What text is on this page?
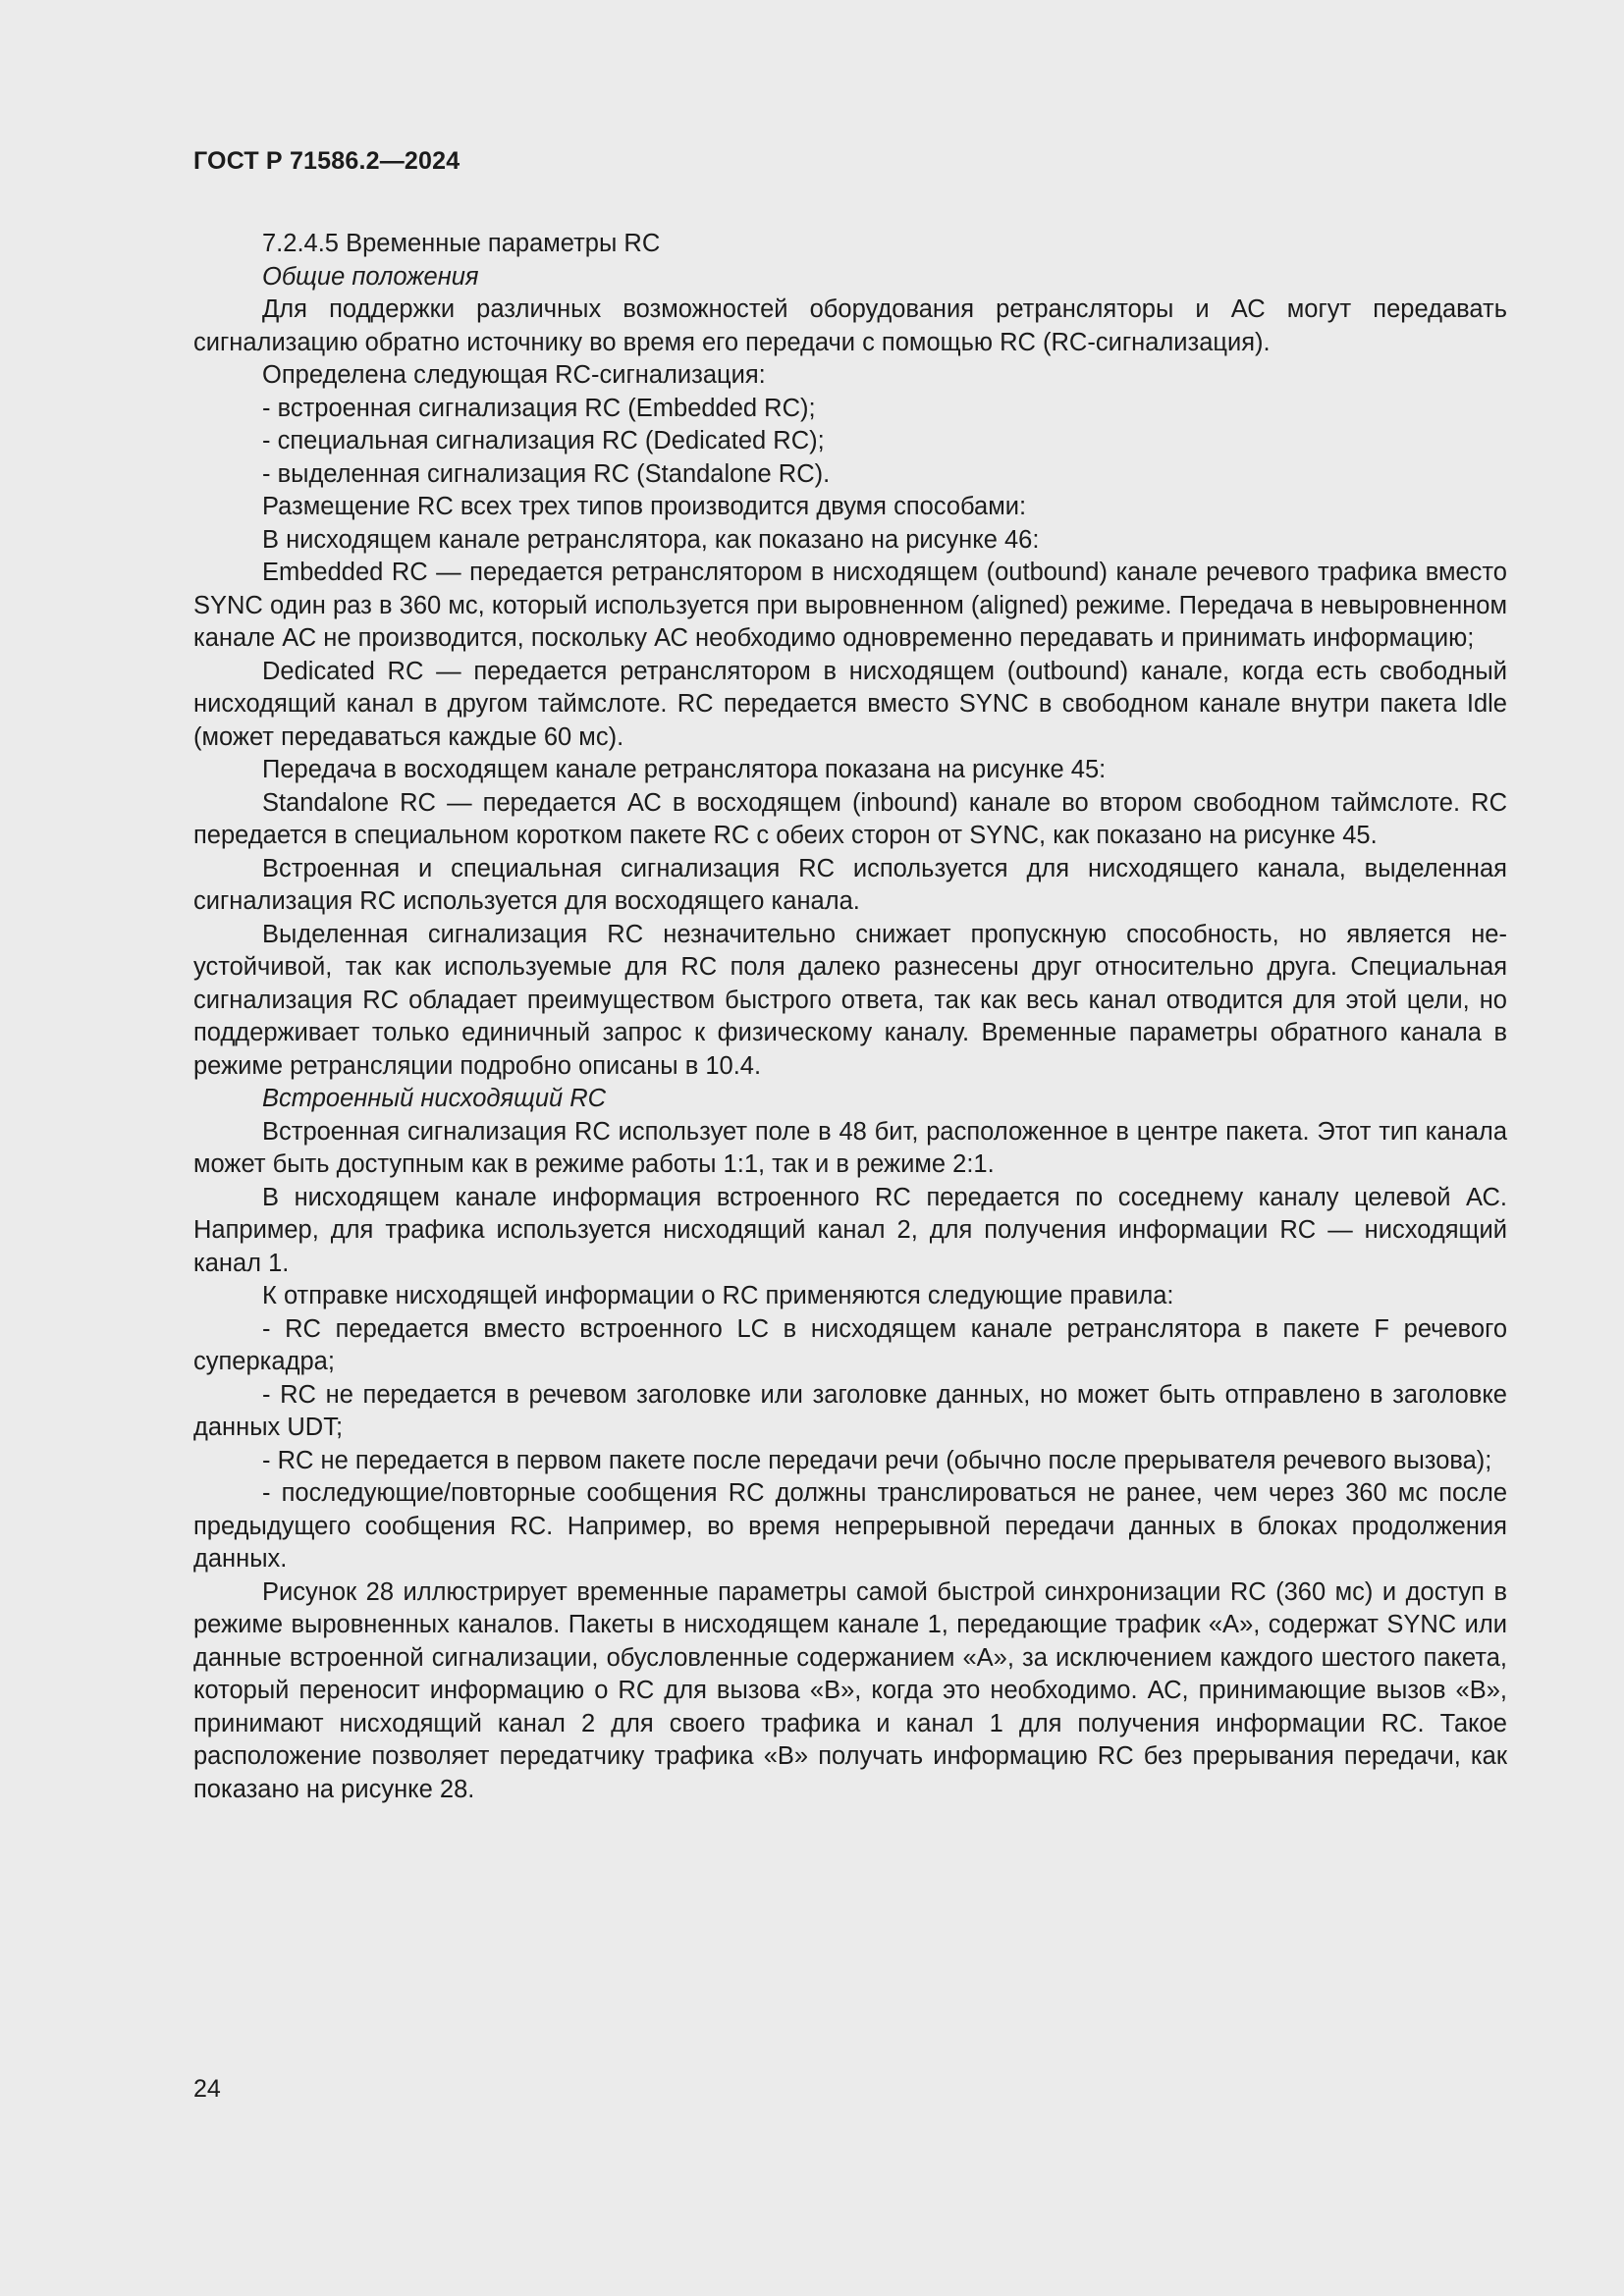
ГОСТ Р 71586.2—2024

7.2.4.5 Временные параметры RC

Общие положения

Для поддержки различных возможностей оборудования ретрансляторы и АС могут передавать сигнализацию обратно источнику во время его передачи с помощью RC (RC-сигнализация).

Определена следующая RC-сигнализация:

- встроенная сигнализация RC (Embedded RC);

- специальная сигнализация RC (Dedicated RC);

- выделенная сигнализация RC (Standalone RC).

Размещение RC всех трех типов производится двумя способами:

В нисходящем канале ретранслятора, как показано на рисунке 46:

Embedded RC — передается ретранслятором в нисходящем (outbound) канале речевого трафика вместо SYNC один раз в 360 мс, который используется при выровненном (aligned) режиме. Передача в невыровненном канале АС не производится, поскольку АС необходимо одновременно передавать и принимать информацию;

Dedicated RC — передается ретранслятором в нисходящем (outbound) канале, когда есть свободный нисходящий канал в другом таймслоте. RC передается вместо SYNC в свободном канале внутри пакета Idle (может передаваться каждые 60 мс).

Передача в восходящем канале ретранслятора показана на рисунке 45:

Standalone RC — передается АС в восходящем (inbound) канале во втором свободном таймслоте. RC передается в специальном коротком пакете RC с обеих сторон от SYNC, как показано на рисунке 45.

Встроенная и специальная сигнализация RC используется для нисходящего канала, выделенная сигнализация RC используется для восходящего канала.

Выделенная сигнализация RC незначительно снижает пропускную способность, но является неустойчивой, так как используемые для RC поля далеко разнесены друг относительно друга. Специальная сигнализация RC обладает преимуществом быстрого ответа, так как весь канал отводится для этой цели, но поддерживает только единичный запрос к физическому каналу. Временные параметры обратного канала в режиме ретрансляции подробно описаны в 10.4.

Встроенный нисходящий RC

Встроенная сигнализация RC использует поле в 48 бит, расположенное в центре пакета. Этот тип канала может быть доступным как в режиме работы 1:1, так и в режиме 2:1.

В нисходящем канале информация встроенного RC передается по соседнему каналу целевой АС. Например, для трафика используется нисходящий канал 2, для получения информации RC — нисходящий канал 1.

К отправке нисходящей информации о RC применяются следующие правила:

- RC передается вместо встроенного LC в нисходящем канале ретранслятора в пакете F речевого суперкадра;

- RC не передается в речевом заголовке или заголовке данных, но может быть отправлено в заголовке данных UDT;

- RC не передается в первом пакете после передачи речи (обычно после прерывателя речевого вызова);

- последующие/повторные сообщения RC должны транслироваться не ранее, чем через 360 мс после предыдущего сообщения RC. Например, во время непрерывной передачи данных в блоках продолжения данных.

Рисунок 28 иллюстрирует временные параметры самой быстрой синхронизации RC (360 мс) и доступ в режиме выровненных каналов. Пакеты в нисходящем канале 1, передающие трафик «А», содержат SYNC или данные встроенной сигнализации, обусловленные содержанием «А», за исключением каждого шестого пакета, который переносит информацию о RC для вызова «В», когда это необходимо. АС, принимающие вызов «В», принимают нисходящий канал 2 для своего трафика и канал 1 для получения информации RC. Такое расположение позволяет передатчику трафика «В» получать информацию RC без прерывания передачи, как показано на рисунке 28.

24
